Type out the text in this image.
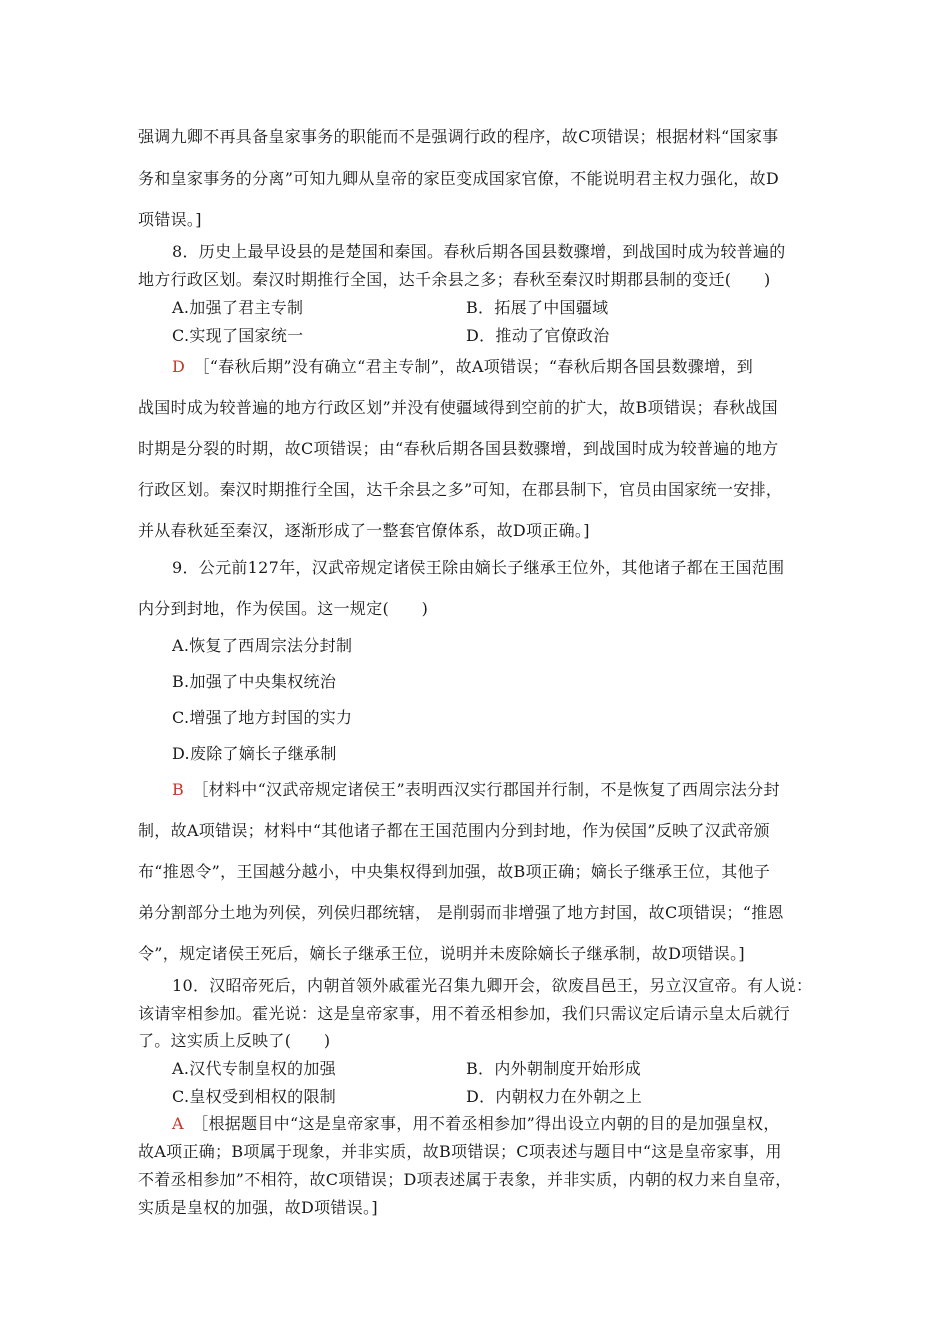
强调九卿不再具备皇家事务的职能而不是强调行政的程序，故C项错误；根据材料“国家事
务和皇家事务的分离”可知九卿从皇帝的家臣变成国家官僚，不能说明君主权力强化，故D
项错误。]
8．历史上最早设县的是楚国和秦国。春秋后期各国县数骤增，到战国时成为较普遍的
地方行政区划。秦汉时期推行全国，达千余县之多；春秋至秦汉时期郡县制的变迁(　　)
A.加强了君主专制	B．拓展了中国疆域
C.实现了国家统一	D．推动了官僚政治
D　 ［“春秋后期”没有确立“君主专制”，故A项错误；“春秋后期各国县数骤增，到
战国时成为较普遍的地方行政区划”并没有使疆域得到空前的扩大，故B项错误；春秋战国
时期是分裂的时期，故C项错误；由“春秋后期各国县数骤增，到战国时成为较普遍的地方
行政区划。秦汉时期推行全国，达千余县之多”可知，在郡县制下，官员由国家统一安排，
并从春秋延至秦汉，逐渐形成了一整套官僚体系，故D项正确。]
9．公元前127年，汉武帝规定诸侯王除由嫡长子继承王位外，其他诸子都在王国范围
内分到封地，作为侯国。这一规定(　　)
A.恢复了西周宗法分封制
B.加强了中央集权统治
C.增强了地方封国的实力
D.废除了嫡长子继承制
B　 ［材料中“汉武帝规定诸侯王”表明西汉实行郡国并行制，不是恢复了西周宗法分封
制，故A项错误；材料中“其他诸子都在王国范围内分到封地，作为侯国”反映了汉武帝颁
布“推恩令”，王国越分越小，中央集权得到加强，故B项正确；嫡长子继承王位，其他子
弟分割部分土地为列侯，列侯归郡统辖， 是削弱而非增强了地方封国，故C项错误；“推恩
令”，规定诸侯王死后，嫡长子继承王位，说明并未废除嫡长子继承制，故D项错误。]
10．汉昭帝死后，内朝首领外戚霍光召集九卿开会，欲废昌邑王，另立汉宣帝。有人说：
该请宰相参加。霍光说：这是皇帝家事，用不着丞相参加，我们只需议定后请示皇太后就行
了。这实质上反映了(　　)
A.汉代专制皇权的加强	B．内外朝制度开始形成
C.皇权受到相权的限制	D．内朝权力在外朝之上
A　 ［根据题目中“这是皇帝家事，用不着丞相参加”得出设立内朝的目的是加强皇权，
故A项正确；B项属于现象，并非实质，故B项错误；C项表述与题目中“这是皇帝家事，用
不着丞相参加”不相符，故C项错误；D项表述属于表象，并非实质，内朝的权力来自皇帝，
实质是皇权的加强，故D项错误。]
